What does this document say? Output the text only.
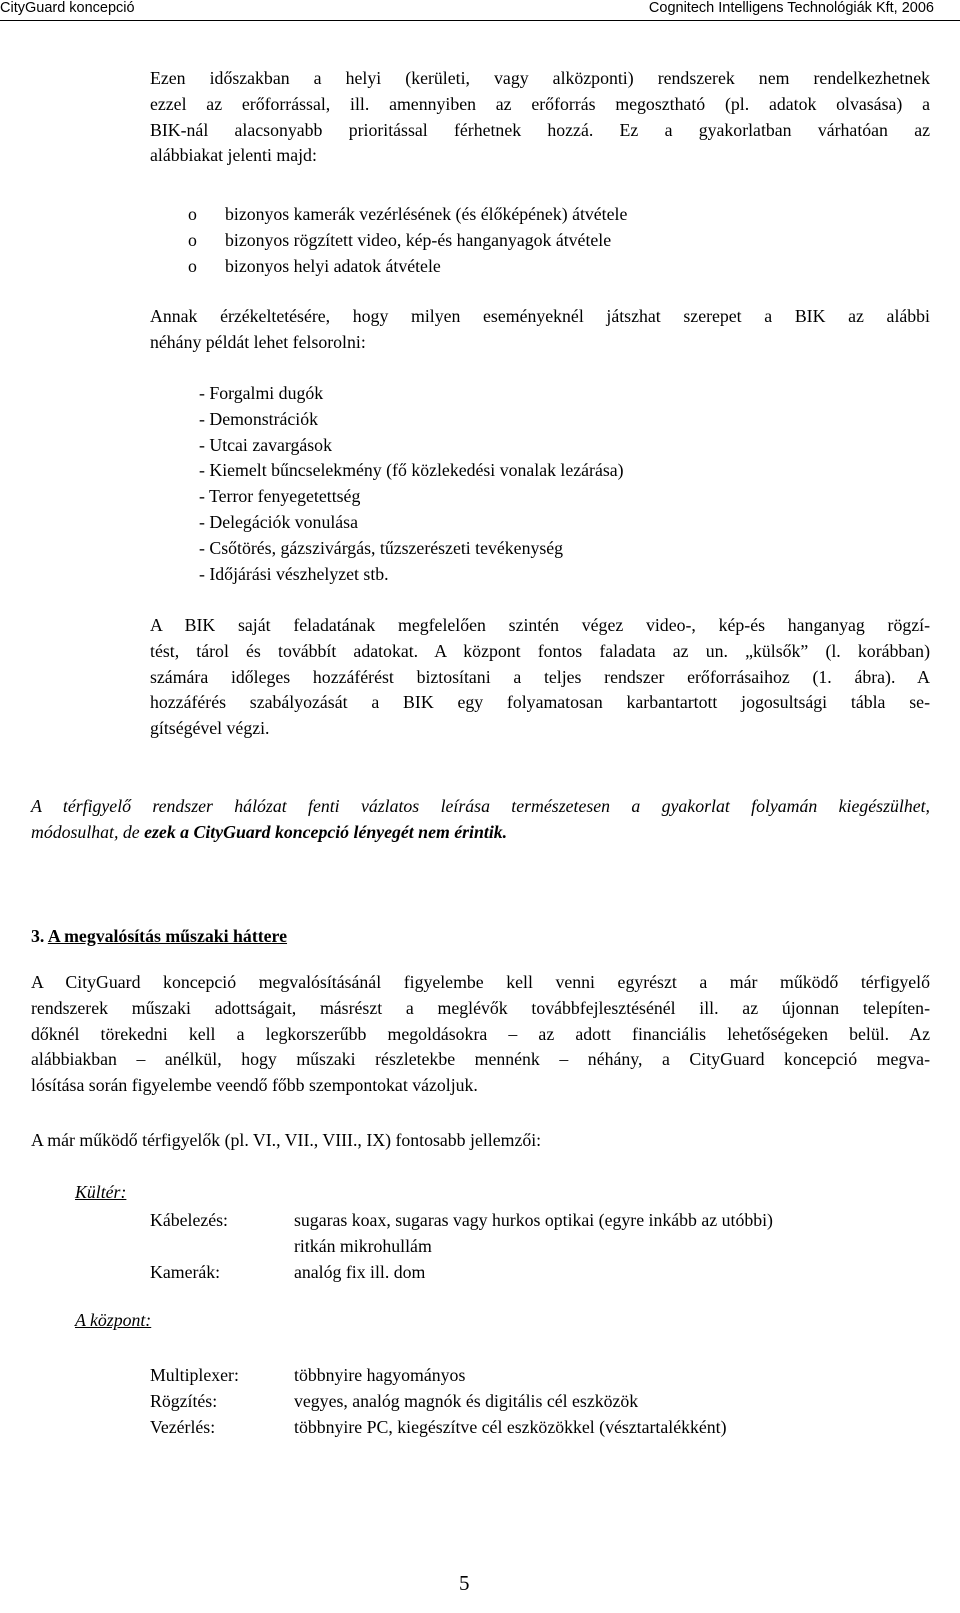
CityGuard koncepció	Cognitech Intelligens Technológiák Kft, 2006
Ezen időszakban a helyi (kerületi, vagy alközponti) rendszerek nem rendelkezhetnek
ezzel az erőforrással, ill. amennyiben az erőforrás megosztható (pl. adatok olvasása) a
BIK-nál alacsonyabb prioritással férhetnek hozzá. Ez a gyakorlatban várhatóan az
alábbiakat jelenti majd:
o bizonyos kamerák vezérlésének (és élőképének) átvétele
o bizonyos rögzített video, kép-és hanganyagok átvétele
o bizonyos helyi adatok átvétele
Annak érzékeltetésére, hogy milyen eseményeknél játszhat szerepet a BIK az alábbi
néhány példát lehet felsorolni:
- Forgalmi dugók
- Demonstrációk
- Utcai zavargások
- Kiemelt bűncselekmény (fő közlekedési vonalak lezárása)
- Terror fenyegetettség
- Delegációk vonulása
- Csőtörés, gázszivárgás, tűzszerészeti tevékenység
- Időjárási vészhelyzet stb.
A BIK saját feladatának megfelelően szintén végez video-, kép-és hanganyag rögzí-
tést, tárol és továbbít adatokat. A központ fontos faladata az un. „külsők” (l. korábban)
számára időleges hozzáférést biztosítani a teljes rendszer erőforrásaihoz (1. ábra). A
hozzáférés szabályozását a BIK egy folyamatosan karbantartott jogosultsági tábla se-
gítségével végzi.
A térfigyelő rendszer hálózat fenti vázlatos leírása természetesen a gyakorlat folyamán kiegészülhet,
módosulhat, de ezek a CityGuard koncepció lényegét nem érintik.
3. A megvalósítás műszaki háttere
A CityGuard koncepció megvalósításánál figyelembe kell venni egyrészt a már működő térfigyelő
rendszerek műszaki adottságait, másrészt a meglévők továbbfejlesztésénél ill. az újonnan telepíten-
dőknél törekedni kell a legkorszerűbb megoldásokra – az adott financiális lehetőségeken belül. Az
alábbiakban – anélkül, hogy műszaki részletekbe mennénk – néhány, a CityGuard koncepció megva-
lósítása során figyelembe veendő főbb szempontokat vázoljuk.
A már működő térfigyelők (pl. VI., VII., VIII., IX) fontosabb jellemzői:
Kültér:
Kábelezés:	sugaras koax, sugaras vagy hurkos optikai (egyre inkább az utóbbi)
ritkán mikrohullám
Kamerák:	analóg fix ill. dom
A központ:
Multiplexer:	többnyire hagyományos
Rögzítés:	vegyes, analóg magnók és digitális cél eszközök
Vezérlés:	többnyire PC, kiegészítve cél eszközökkel (vésztartalékként)
5
